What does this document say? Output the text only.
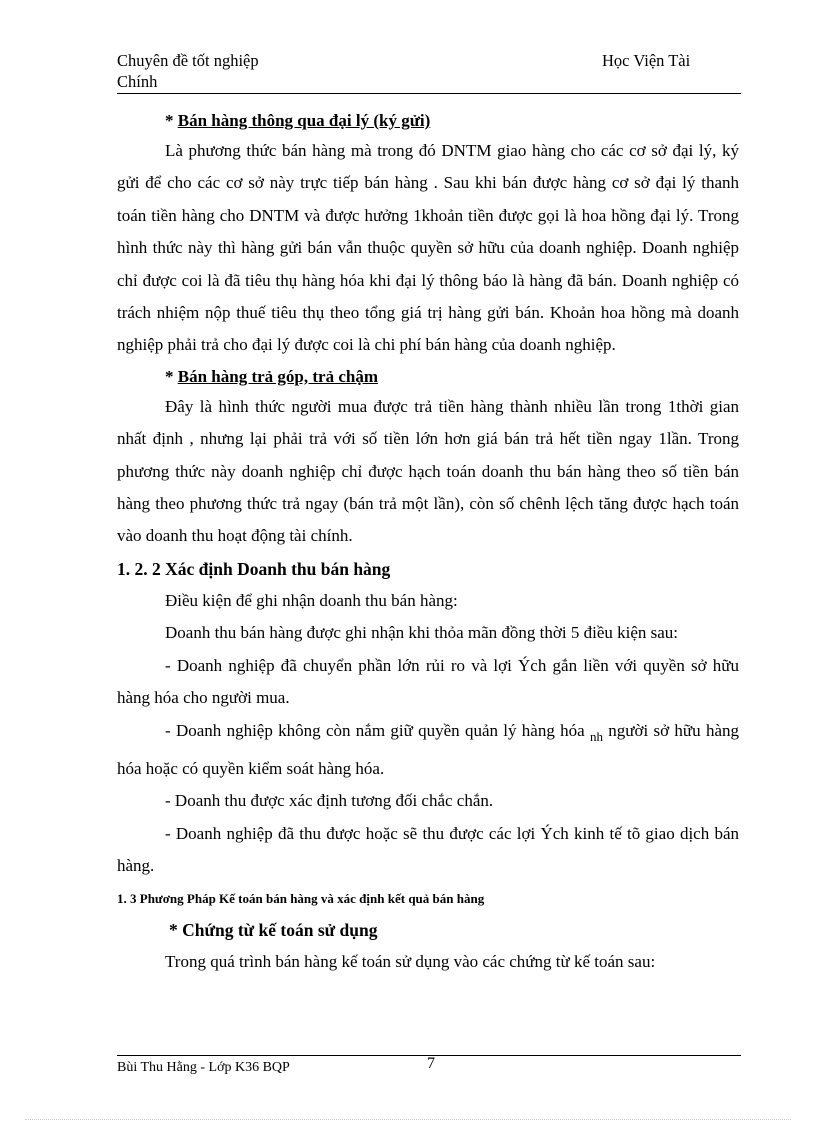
Chuyên đề tốt nghiệp
Chính
Học Viện Tài
* Bán hàng thông qua đại lý (ký gửi)
Là phương thức bán hàng mà trong đó DNTM giao hàng cho các cơ sở đại lý, ký gửi để cho các cơ sở này trực tiếp bán hàng . Sau khi bán được hàng cơ sở đại lý thanh toán tiền hàng cho DNTM và được hưởng 1khoản tiền được gọi là hoa hồng đại lý. Trong hình thức này thì hàng gửi bán vẫn thuộc quyền sở hữu của doanh nghiệp. Doanh nghiệp chỉ được coi là đã tiêu thụ hàng hóa khi đại lý thông báo là hàng đã bán. Doanh nghiệp có trách nhiệm nộp thuế tiêu thụ theo tổng giá trị hàng gửi bán. Khoản hoa hồng mà doanh nghiệp phải trả cho đại lý được coi là chi phí bán hàng của doanh nghiệp.
* Bán hàng trả góp, trả chậm
Đây là hình thức người mua được trả tiền hàng thành nhiều lần trong 1thời gian nhất định , nhưng lại phải trả với số tiền lớn hơn giá bán trả hết tiền ngay 1lần. Trong phương thức này doanh nghiệp chỉ được hạch toán doanh thu bán hàng theo số tiền bán hàng theo phương thức trả ngay (bán trả một lần), còn số chênh lệch tăng được hạch toán vào doanh thu hoạt động tài chính.
1. 2. 2 Xác định Doanh thu bán hàng
Điều kiện để ghi nhận doanh thu bán hàng:
Doanh thu bán hàng được ghi nhận khi thỏa mãn đồng thời 5 điều kiện sau:
- Doanh nghiệp đã chuyển phần lớn rủi ro và lợi Ých gắn liền với quyền sở hữu hàng hóa cho người mua.
- Doanh nghiệp không còn nắm giữ quyền quản lý hàng hóa $_{nh}$ người sở hữu hàng hóa hoặc có quyền kiểm soát hàng hóa.
- Doanh thu được xác định tương đối chắc chắn.
- Doanh nghiệp đã thu được hoặc sẽ thu được các lợi Ých kinh tế tõ giao dịch bán hàng.
1. 3 Phương Pháp Kế toán bán hàng và xác định kết quả bán hàng
* Chứng từ kế toán sử dụng
Trong quá trình bán hàng kế toán sử dụng vào các chứng từ kế toán sau:
Bùi Thu Hằng - Lớp K36 BQP	7
